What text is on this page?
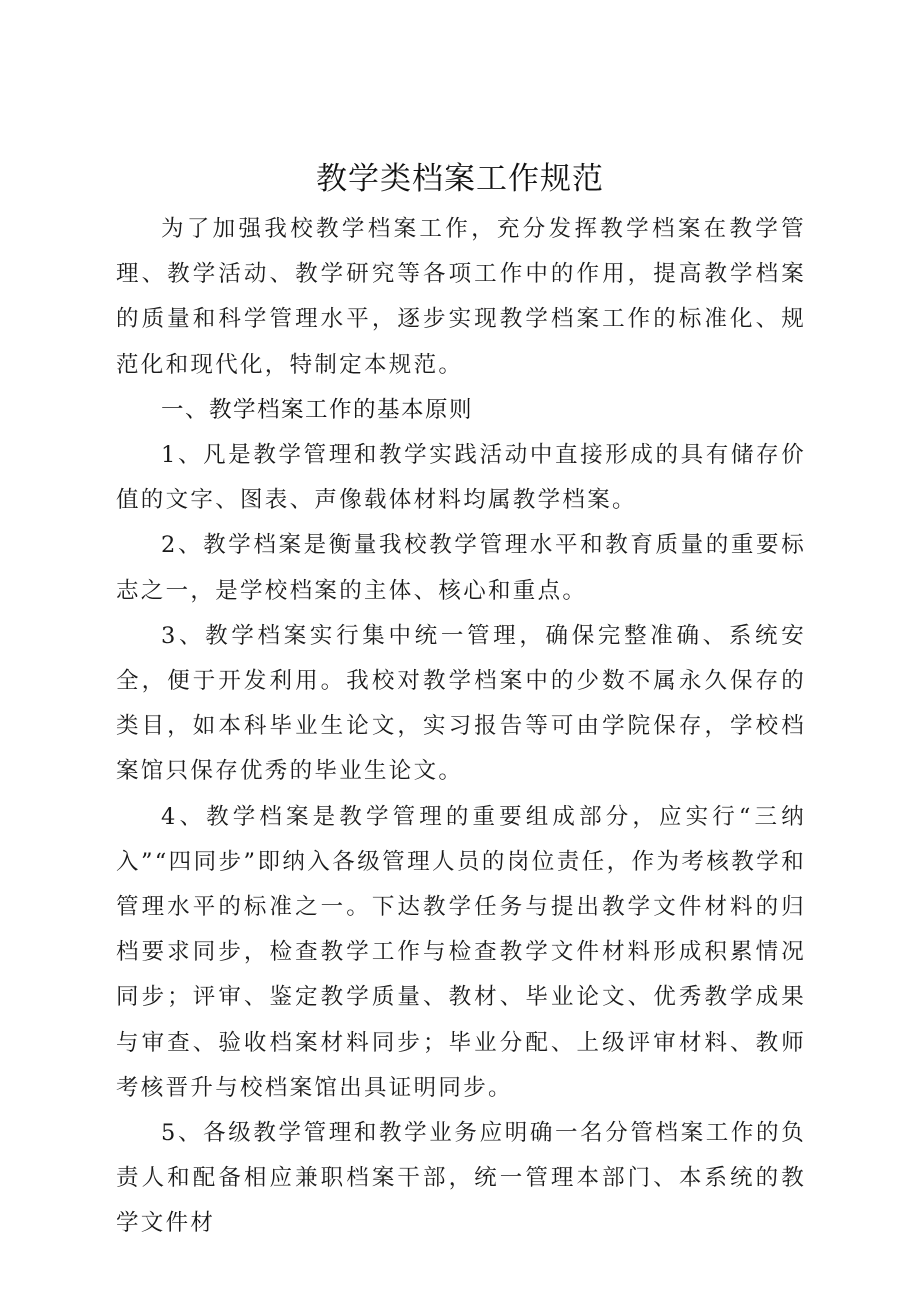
教学类档案工作规范

为了加强我校教学档案工作，充分发挥教学档案在教学管理、教学活动、教学研究等各项工作中的作用，提高教学档案的质量和科学管理水平，逐步实现教学档案工作的标准化、规范化和现代化，特制定本规范。

一、教学档案工作的基本原则

1、凡是教学管理和教学实践活动中直接形成的具有储存价值的文字、图表、声像载体材料均属教学档案。

2、教学档案是衡量我校教学管理水平和教育质量的重要标志之一，是学校档案的主体、核心和重点。

3、教学档案实行集中统一管理，确保完整准确、系统安全，便于开发利用。我校对教学档案中的少数不属永久保存的类目，如本科毕业生论文，实习报告等可由学院保存，学校档案馆只保存优秀的毕业生论文。

4、教学档案是教学管理的重要组成部分，应实行“三纳入”“四同步”即纳入各级管理人员的岗位责任，作为考核教学和管理水平的标准之一。下达教学任务与提出教学文件材料的归档要求同步，检查教学工作与检查教学文件材料形成积累情况同步；评审、鉴定教学质量、教材、毕业论文、优秀教学成果与审查、验收档案材料同步；毕业分配、上级评审材料、教师考核晋升与校档案馆出具证明同步。

5、各级教学管理和教学业务应明确一名分管档案工作的负责人和配备相应兼职档案干部，统一管理本部门、本系统的教学文件材
